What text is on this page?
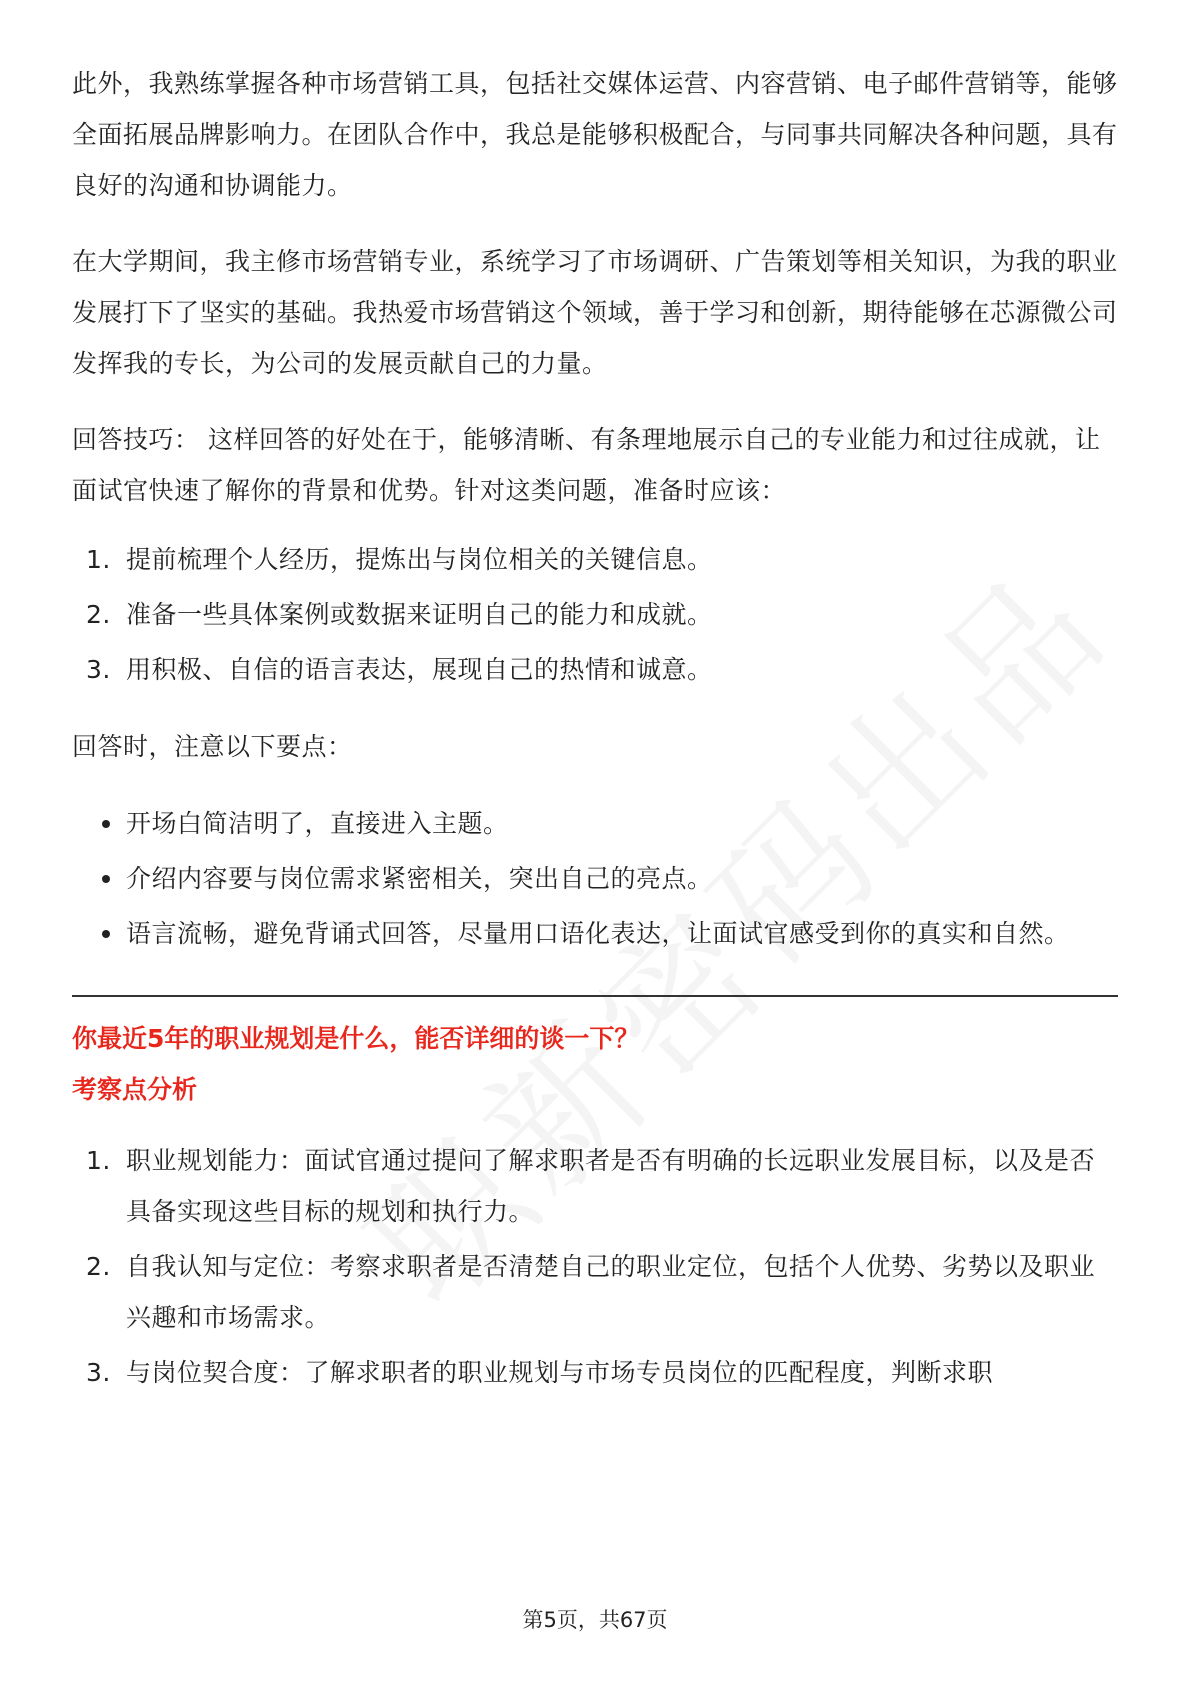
此外，我熟练掌握各种市场营销工具，包括社交媒体运营、内容营销、电子邮件营销等，能够全面拓展品牌影响力。在团队合作中，我总是能够积极配合，与同事共同解决各种问题，具有良好的沟通和协调能力。

在大学期间，我主修市场营销专业，系统学习了市场调研、广告策划等相关知识，为我的职业发展打下了坚实的基础。我热爱市场营销这个领域，善于学习和创新，期待能够在芯源微公司发挥我的专长，为公司的发展贡献自己的力量。

回答技巧： 这样回答的好处在于，能够清晰、有条理地展示自己的专业能力和过往成就，让面试官快速了解你的背景和优势。针对这类问题，准备时应该：

1. 提前梳理个人经历，提炼出与岗位相关的关键信息。
2. 准备一些具体案例或数据来证明自己的能力和成就。
3. 用积极、自信的语言表达，展现自己的热情和诚意。

回答时，注意以下要点：

开场白简洁明了，直接进入主题。
介绍内容要与岗位需求紧密相关，突出自己的亮点。
语言流畅，避免背诵式回答，尽量用口语化表达，让面试官感受到你的真实和自然。

你最近5年的职业规划是什么，能否详细的谈一下？

考察点分析

1. 职业规划能力：面试官通过提问了解求职者是否有明确的长远职业发展目标，以及是否具备实现这些目标的规划和执行力。
2. 自我认知与定位：考察求职者是否清楚自己的职业定位，包括个人优势、劣势以及职业兴趣和市场需求。
3. 与岗位契合度：了解求职者的职业规划与市场专员岗位的匹配程度，判断求职
第5页，共67页
